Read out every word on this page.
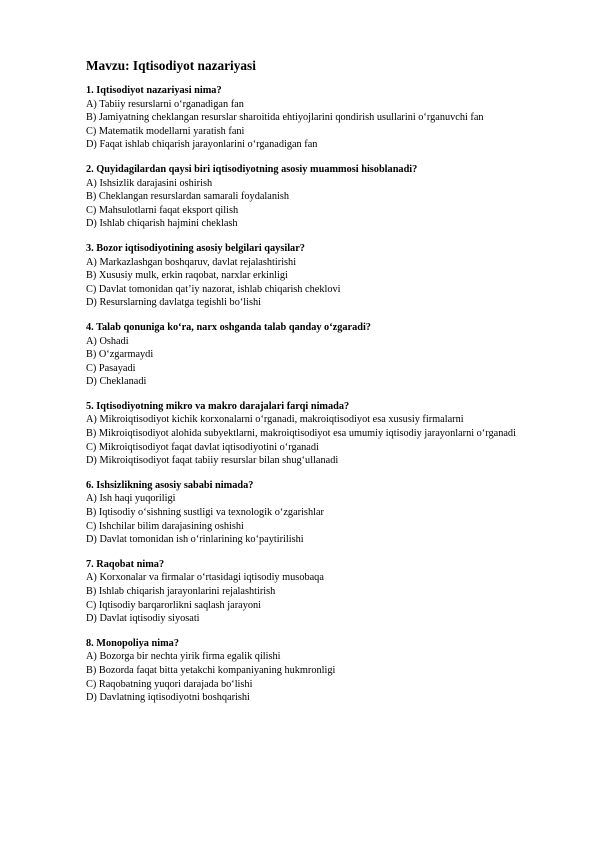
Mavzu: Iqtisodiyot nazariyasi
1. Iqtisodiyot nazariyasi nima?
A) Tabiiy resurslarni o‘rganadigan fan
B) Jamiyatning cheklangan resurslar sharoitida ehtiyojlarini qondirish usullarini o‘rganuvchi fan
C) Matematik modellarni yaratish fani
D) Faqat ishlab chiqarish jarayonlarini o‘rganadigan fan
2. Quyidagilardan qaysi biri iqtisodiyotning asosiy muammosi hisoblanadi?
A) Ishsizlik darajasini oshirish
B) Cheklangan resurslardan samarali foydalanish
C) Mahsulotlarni faqat eksport qilish
D) Ishlab chiqarish hajmini cheklash
3. Bozor iqtisodiyotining asosiy belgilari qaysilar?
A) Markazlashgan boshqaruv, davlat rejalashtirishi
B) Xususiy mulk, erkin raqobat, narxlar erkinligi
C) Davlat tomonidan qat’iy nazorat, ishlab chiqarish cheklovi
D) Resurslarning davlatga tegishli bo‘lishi
4. Talab qonuniga ko‘ra, narx oshganda talab qanday o‘zgaradi?
A) Oshadi
B) O‘zgarmaydi
C) Pasayadi
D) Cheklanadi
5. Iqtisodiyotning mikro va makro darajalari farqi nimada?
A) Mikroiqtisodiyot kichik korxonalarni o‘rganadi, makroiqtisodiyot esa xususiy firmalarni
B) Mikroiqtisodiyot alohida subyektlarni, makroiqtisodiyot esa umumiy iqtisodiy jarayonlarni o‘rganadi
C) Mikroiqtisodiyot faqat davlat iqtisodiyotini o‘rganadi
D) Mikroiqtisodiyot faqat tabiiy resurslar bilan shug‘ullanadi
6. Ishsizlikning asosiy sababi nimada?
A) Ish haqi yuqoriligi
B) Iqtisodiy o‘sishning sustligi va texnologik o‘zgarishlar
C) Ishchilar bilim darajasining oshishi
D) Davlat tomonidan ish o‘rinlarining ko‘paytirilishi
7. Raqobat nima?
A) Korxonalar va firmalar o‘rtasidagi iqtisodiy musobaqa
B) Ishlab chiqarish jarayonlarini rejalashtirish
C) Iqtisodiy barqarorlikni saqlash jarayoni
D) Davlat iqtisodiy siyosati
8. Monopoliya nima?
A) Bozorga bir nechta yirik firma egalik qilishi
B) Bozorda faqat bitta yetakchi kompaniyaning hukmronligi
C) Raqobatning yuqori darajada bo‘lishi
D) Davlatning iqtisodiyotni boshqarishi
